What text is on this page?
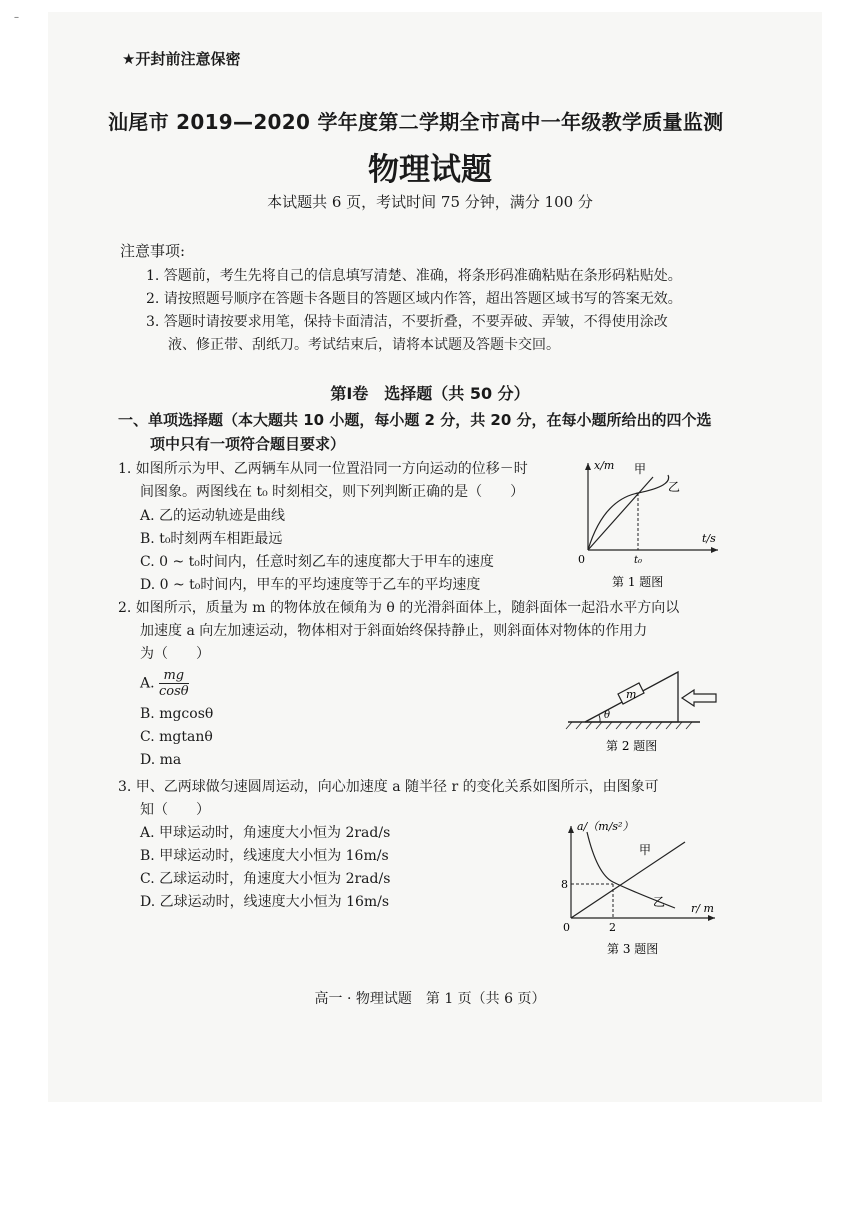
–
★开封前注意保密
汕尾市 2019—2020 学年度第二学期全市高中一年级教学质量监测
物理试题
本试题共 6 页，考试时间 75 分钟，满分 100 分
注意事项:
1. 答题前，考生先将自己的信息填写清楚、准确，将条形码准确粘贴在条形码粘贴处。
2. 请按照题号顺序在答题卡各题目的答题区域内作答，超出答题区域书写的答案无效。
3. 答题时请按要求用笔，保持卡面清洁，不要折叠，不要弄破、弄皱，不得使用涂改
液、修正带、刮纸刀。考试结束后，请将本试题及答题卡交回。
第Ⅰ卷　选择题（共 50 分）
一、单项选择题（本大题共 10 小题，每小题 2 分，共 20 分，在每小题所给出的四个选
项中只有一项符合题目要求）
1. 如图所示为甲、乙两辆车从同一位置沿同一方向运动的位移－时
间图象。两图线在 t₀ 时刻相交，则下列判断正确的是（　　）
A. 乙的运动轨迹是曲线
B. t₀时刻两车相距最远
C. 0 ~ t₀时间内，任意时刻乙车的速度都大于甲车的速度
D. 0 ~ t₀时间内，甲车的平均速度等于乙车的平均速度
x/m
t/s
0	t₀
甲
乙
第 1 题图
2. 如图所示，质量为 m 的物体放在倾角为 θ 的光滑斜面体上，随斜面体一起沿水平方向以
加速度 a 向左加速运动，物体相对于斜面始终保持静止，则斜面体对物体的作用力
为（　　）
A. $\frac{mg}{\cos\theta}$
B. mgcosθ
C. mgtanθ
D. ma
m
θ
第 2 题图
3. 甲、乙两球做匀速圆周运动，向心加速度 a 随半径 r 的变化关系如图所示，由图象可
知（　　）
A. 甲球运动时，角速度大小恒为 2rad/s
B. 甲球运动时，线速度大小恒为 16m/s
C. 乙球运动时，角速度大小恒为 2rad/s
D. 乙球运动时，线速度大小恒为 16m/s
a/（m/s²）
r/ m
8
2
0
甲
乙
第 3 题图
高一 · 物理试题　第 1 页（共 6 页）
